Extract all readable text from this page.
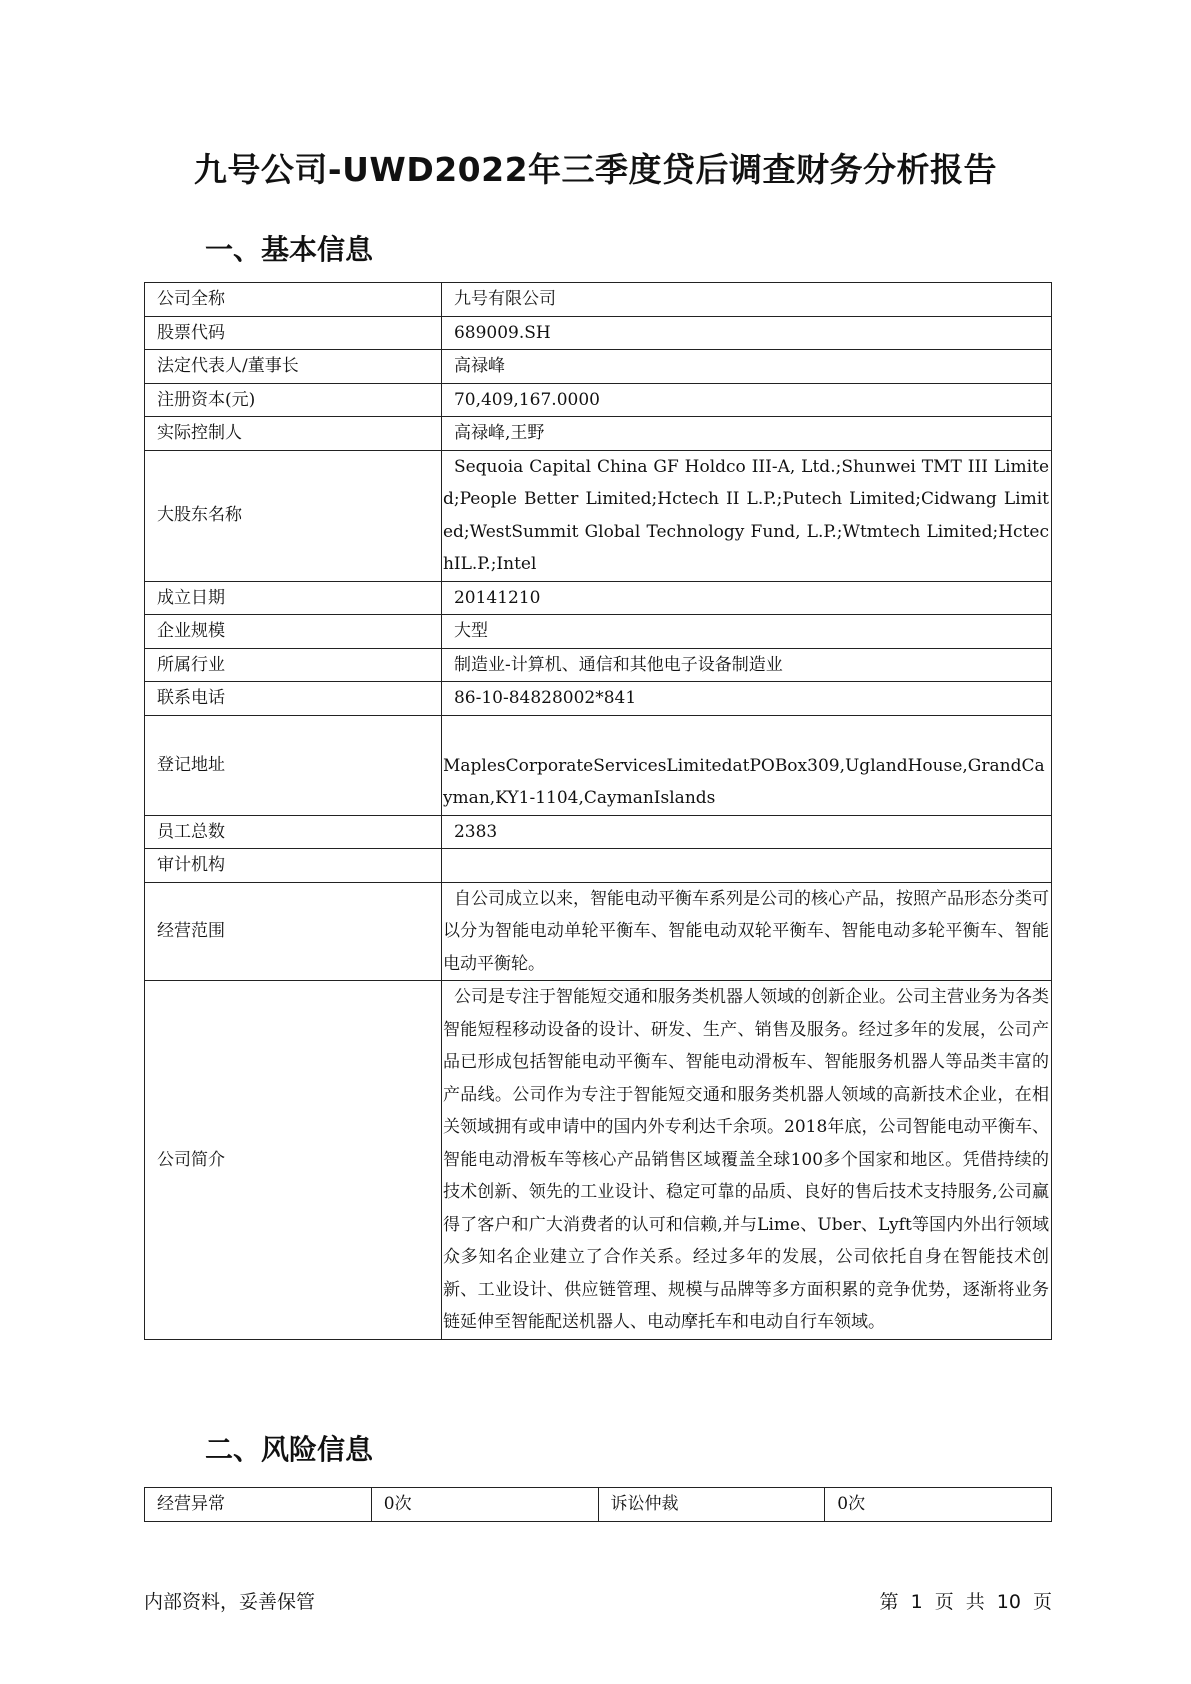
九号公司-UWD2022年三季度贷后调查财务分析报告
一、基本信息
公司全称	九号有限公司
股票代码	689009.SH
法定代表人/董事长	高禄峰
注册资本(元)	70,409,167.0000
实际控制人	高禄峰,王野
大股东名称	Sequoia Capital China GF Holdco III-A, Ltd.;Shunwei TMT III Limited;People Better Limited;Hctech II L.P.;Putech Limited;Cidwang Limited;WestSummit Global Technology Fund, L.P.;Wtmtech Limited;HctechIL.P.;Intel
成立日期	20141210
企业规模	大型
所属行业	制造业-计算机、通信和其他电子设备制造业
联系电话	86-10-84828002*841
登记地址	MaplesCorporateServicesLimitedatPOBox309,UglandHouse,GrandCayman,KY1-1104,CaymanIslands
员工总数	2383
审计机构	
经营范围	自公司成立以来，智能电动平衡车系列是公司的核心产品，按照产品形态分类可以分为智能电动单轮平衡车、智能电动双轮平衡车、智能电动多轮平衡车、智能电动平衡轮。
公司简介	公司是专注于智能短交通和服务类机器人领域的创新企业。公司主营业务为各类智能短程移动设备的设计、研发、生产、销售及服务。经过多年的发展，公司产品已形成包括智能电动平衡车、智能电动滑板车、智能服务机器人等品类丰富的产品线。公司作为专注于智能短交通和服务类机器人领域的高新技术企业，在相关领域拥有或申请中的国内外专利达千余项。2018年底，公司智能电动平衡车、智能电动滑板车等核心产品销售区域覆盖全球100多个国家和地区。凭借持续的技术创新、领先的工业设计、稳定可靠的品质、良好的售后技术支持服务,公司赢得了客户和广大消费者的认可和信赖,并与Lime、Uber、Lyft等国内外出行领域众多知名企业建立了合作关系。经过多年的发展，公司依托自身在智能技术创新、工业设计、供应链管理、规模与品牌等多方面积累的竞争优势，逐渐将业务链延伸至智能配送机器人、电动摩托车和电动自行车领域。
二、风险信息
经营异常	0次	诉讼仲裁	0次
内部资料，妥善保管	第 1 页 共 10 页
